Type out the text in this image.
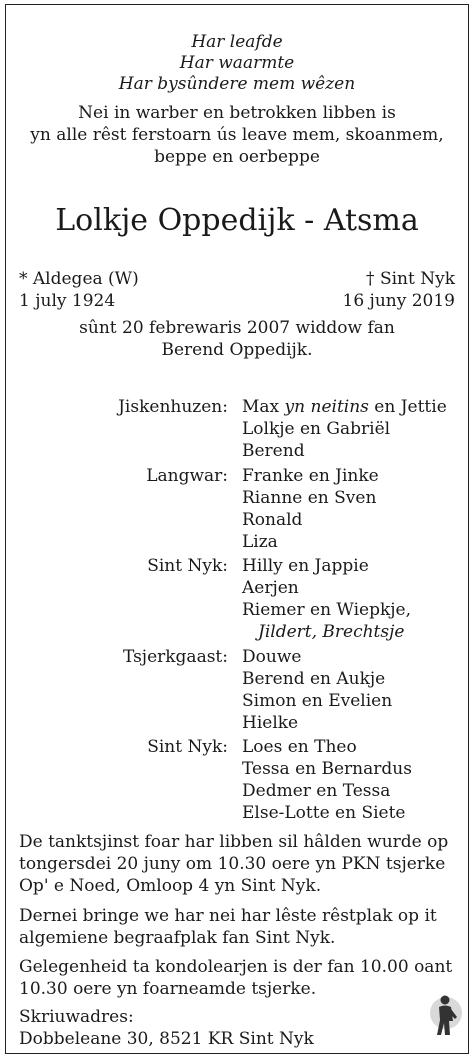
Har leafde
Har waarmte
Har bysûndere mem wêzen
Nei in warber en betrokken libben is
yn alle rêst ferstoarn ús leave mem, skoanmem,
beppe en oerbeppe
Lolkje Oppedijk - Atsma
* Aldegea (W)
1 july 1924
† Sint Nyk
16 juny 2019
sûnt 20 febrewaris 2007 widdow fan
Berend Oppedijk.
Jiskenhuzen: Max yn neitins en Jettie
Lolkje en Gabriël
Berend
Langwar: Franke en Jinke
Rianne en Sven
Ronald
Liza
Sint Nyk: Hilly en Jappie
Aerjen
Riemer en Wiepkje,
Jildert, Brechtsje
Tsjerkgaast: Douwe
Berend en Aukje
Simon en Evelien
Hielke
Sint Nyk: Loes en Theo
Tessa en Bernardus
Dedmer en Tessa
Else-Lotte en Siete
De tanktsjinst foar har libben sil hâlden wurde op
tongersdei 20 juny om 10.30 oere yn PKN tsjerke
Op' e Noed, Omloop 4 yn Sint Nyk.
Dernei bringe we har nei har lêste rêstplak op it
algemiene begraafplak fan Sint Nyk.
Gelegenheid ta kondolearjen is der fan 10.00 oant
10.30 oere yn foarneamde tsjerke.
Skriuwadres:
Dobbeleane 30, 8521 KR Sint Nyk
